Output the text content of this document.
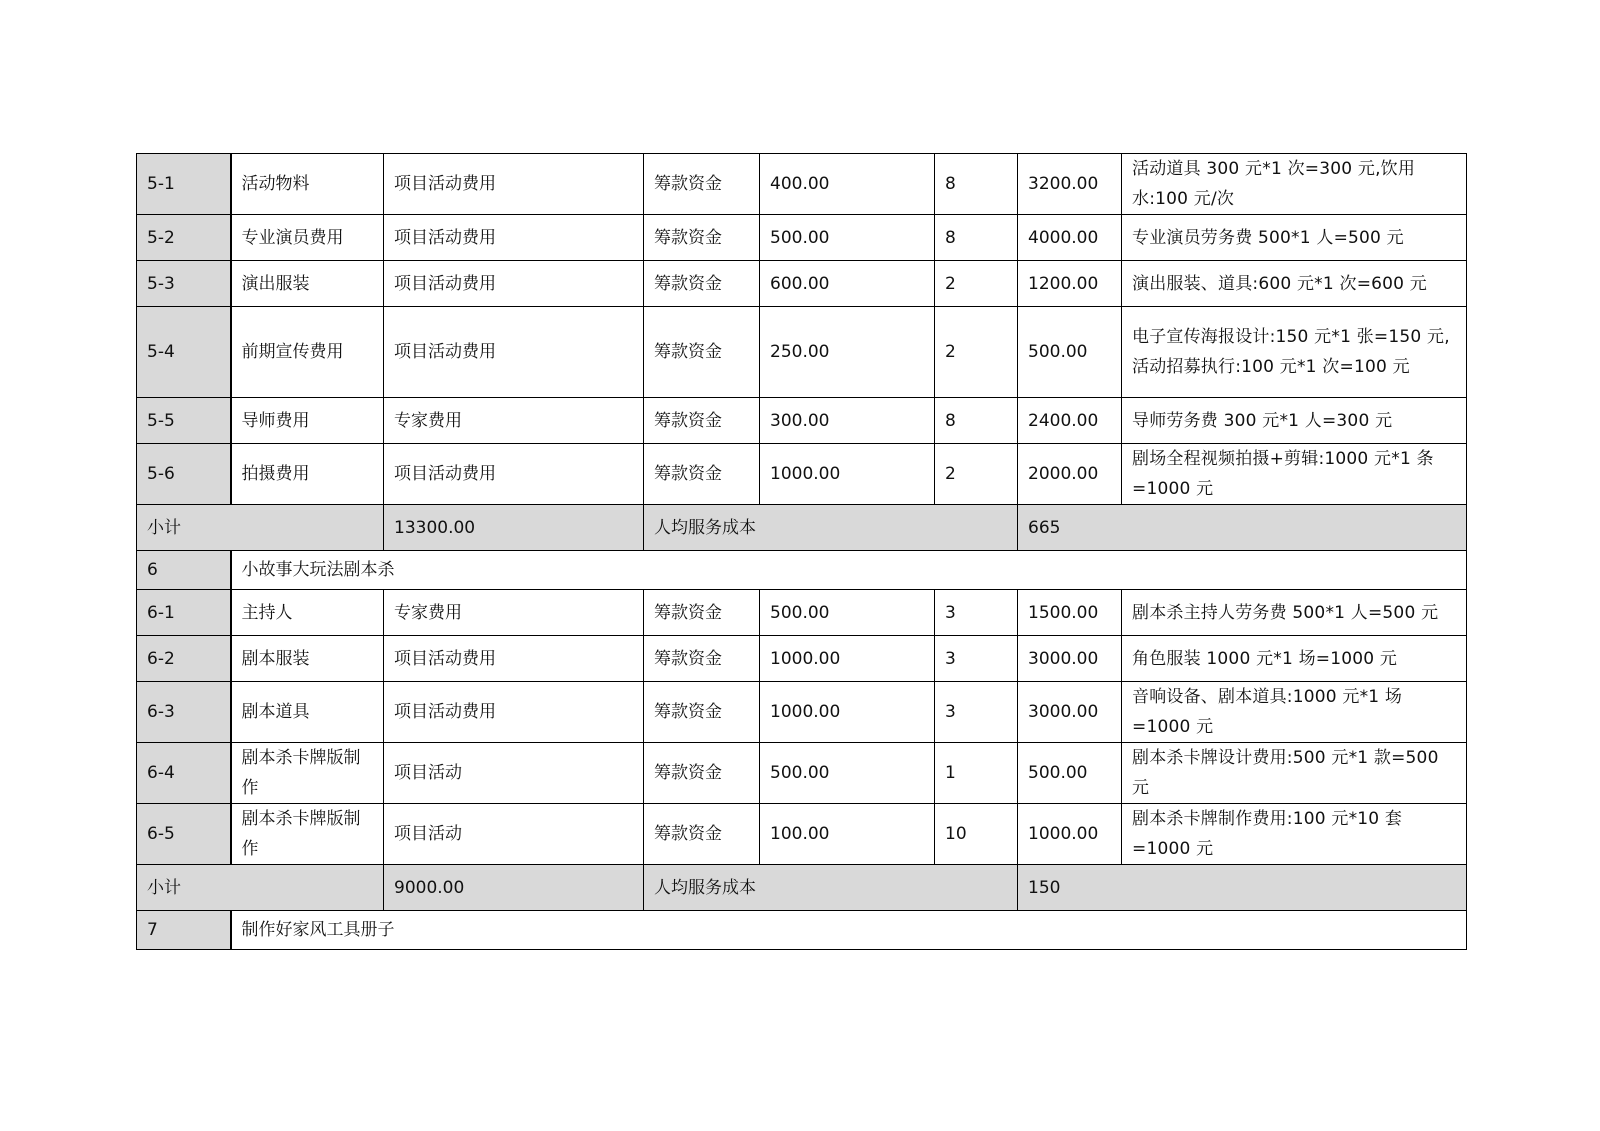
5-1	活动物料	项目活动费用	筹款资金	400.00	8	3200.00	活动道具 300 元*1 次=300 元,饮用水:100 元/次
5-2	专业演员费用	项目活动费用	筹款资金	500.00	8	4000.00	专业演员劳务费 500*1 人=500 元
5-3	演出服装	项目活动费用	筹款资金	600.00	2	1200.00	演出服装、道具:600 元*1 次=600 元
5-4	前期宣传费用	项目活动费用	筹款资金	250.00	2	500.00	电子宣传海报设计:150 元*1 张=150 元,活动招募执行:100 元*1 次=100 元
5-5	导师费用	专家费用	筹款资金	300.00	8	2400.00	导师劳务费 300 元*1 人=300 元
5-6	拍摄费用	项目活动费用	筹款资金	1000.00	2	2000.00	剧场全程视频拍摄+剪辑:1000 元*1 条=1000 元
小计		13300.00	人均服务成本			665	
6	小故事大玩法剧本杀						
6-1	主持人	专家费用	筹款资金	500.00	3	1500.00	剧本杀主持人劳务费 500*1 人=500 元
6-2	剧本服装	项目活动费用	筹款资金	1000.00	3	3000.00	角色服装 1000 元*1 场=1000 元
6-3	剧本道具	项目活动费用	筹款资金	1000.00	3	3000.00	音响设备、剧本道具:1000 元*1 场=1000 元
6-4	剧本杀卡牌版制作	项目活动	筹款资金	500.00	1	500.00	剧本杀卡牌设计费用:500 元*1 款=500 元
6-5	剧本杀卡牌版制作	项目活动	筹款资金	100.00	10	1000.00	剧本杀卡牌制作费用:100 元*10 套=1000 元
小计		9000.00	人均服务成本			150	
7	制作好家风工具册子						
